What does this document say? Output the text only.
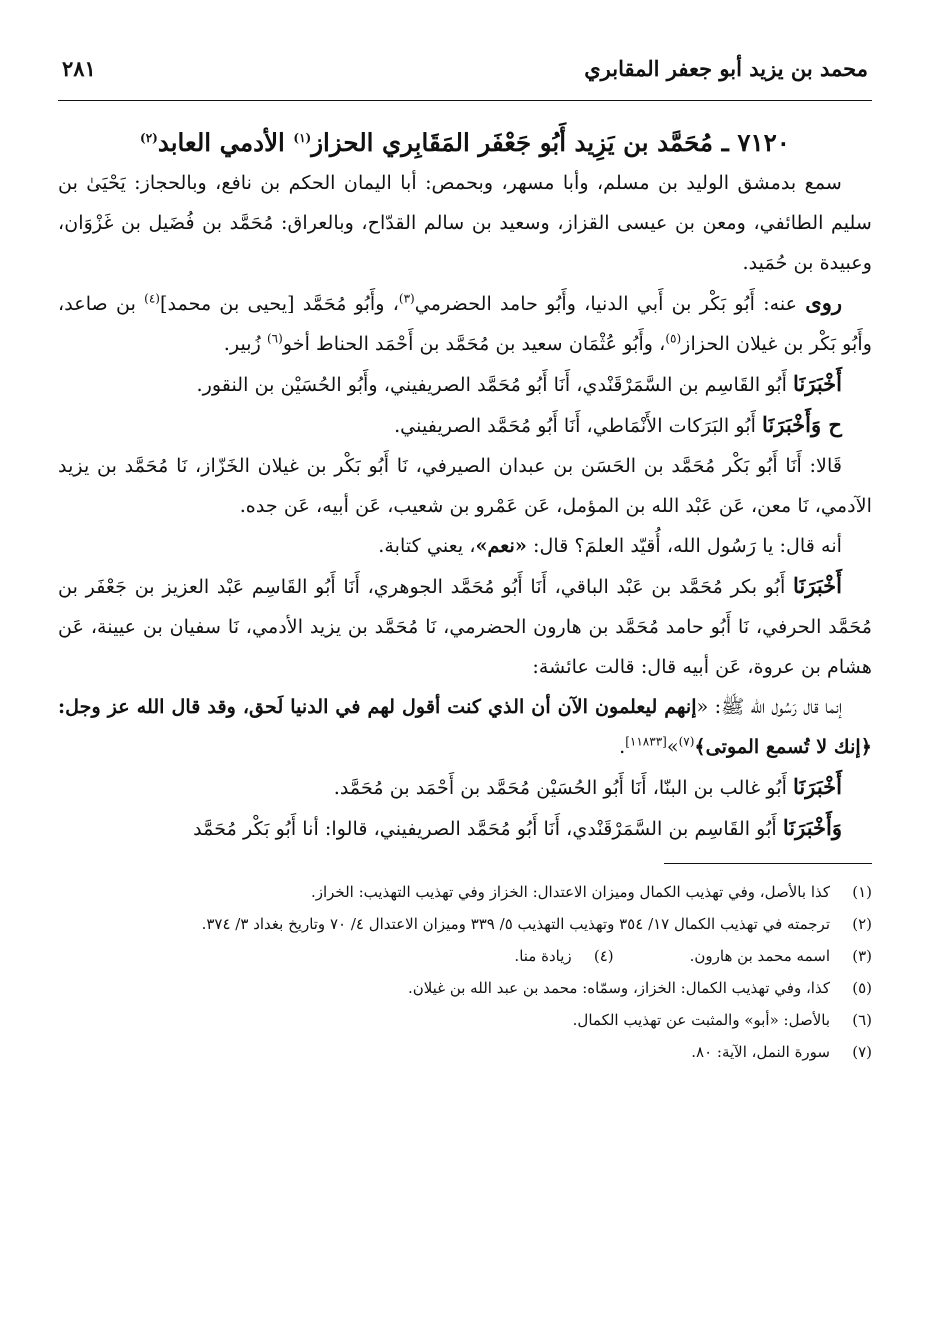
محمد بن يزيد أبو جعفر المقابري
٢٨١
٧١٢٠ ـ مُحَمَّد بن يَزِيد أَبُو جَعْفَر المَقَابِري الحزاز$^{(١)}$ الأدمي العابد$^{(٢)}$

سمع بدمشق الوليد بن مسلم، وأبا مسهر، وبحمص: أبا اليمان الحكم بن نافع، وبالحجاز: يَحْيَىٰ بن سليم الطائفي، ومعن بن عيسى القزاز، وسعيد بن سالم القدّاح، وبالعراق: مُحَمَّد بن فُضَيل بن غَزْوَان، وعبيدة بن حُمَيد.

روى عنه: أَبُو بَكْر بن أَبي الدنيا، وأَبُو حامد الحضرمي$^{(٣)}$، وأَبُو مُحَمَّد [يحيى بن محمد]$^{(٤)}$ بن صاعد، وأَبُو بَكْر بن غيلان الحزاز$^{(٥)}$، وأَبُو عُثْمَان سعيد بن مُحَمَّد بن أَحْمَد الحناط أخو$^{(٦)}$ زُبير.

أَخْبَرَنَا أَبُو القَاسِم بن السَّمَرْقَنْدي، أَنَا أَبُو مُحَمَّد الصريفيني، وأَبُو الحُسَيْن بن النقور.

ح وَأَخْبَرَنَا أَبُو البَرَكات الأَنْمَاطي، أَنَا أَبُو مُحَمَّد الصريفيني.

قَالا: أَنَا أَبُو بَكْر مُحَمَّد بن الحَسَن بن عبدان الصيرفي، نَا أَبُو بَكْر بن غيلان الخَزّاز، نَا مُحَمَّد بن يزيد الآدمي، نَا معن، عَن عَبْد الله بن المؤمل، عَن عَمْرو بن شعيب، عَن أبيه، عَن جده.

أنه قال: يا رَسُول الله، أُقيّد العلمَ؟ قال: «نعم»، يعني كتابة.

أَخْبَرَنَا أَبُو بكر مُحَمَّد بن عَبْد الباقي، أَنَا أَبُو مُحَمَّد الجوهري، أَنَا أَبُو القَاسِم عَبْد العزيز بن جَعْفَر بن مُحَمَّد الحرفي، نَا أَبُو حامد مُحَمَّد بن هارون الحضرمي، نَا مُحَمَّد بن يزيد الأدمي، نَا سفيان بن عيينة، عَن هشام بن عروة، عَن أبيه قال: قالت عائشة:

إنما قال رَسُول الله ﷺ: «إنهم ليعلمون الآن أن الذي كنت أقول لهم في الدنيا لَحق، وقد قال الله عز وجل: ﴿إنك لا تُسمع الموتى﴾$^{(٧)}$»[١١٨٣٣].

أَخْبَرَنَا أَبُو غالب بن البنّا، أَنَا أَبُو الحُسَيْن مُحَمَّد بن أَحْمَد بن مُحَمَّد.

وَأَخْبَرَنَا أَبُو القَاسِم بن السَّمَرْقَنْدي، أَنَا أَبُو مُحَمَّد الصريفيني، قالوا: أنا أَبُو بَكْر مُحَمَّد

(١)
كذا بالأصل، وفي تهذيب الكمال وميزان الاعتدال: الخزاز وفي تهذيب التهذيب: الخراز.
(٢)
ترجمته في تهذيب الكمال ١٧/ ٣٥٤ وتهذيب التهذيب ٥/ ٣٣٩ وميزان الاعتدال ٤/ ٧٠ وتاريخ بغداد ٣/ ٣٧٤.
(٣)
اسمه محمد بن هارون.
(٤)
زيادة منا.
(٥)
كذا، وفي تهذيب الكمال: الخزاز، وسمّاه: محمد بن عبد الله بن غيلان.
(٦)
بالأصل: «أبو» والمثبت عن تهذيب الكمال.
(٧)
سورة النمل، الآية: ٨٠.
